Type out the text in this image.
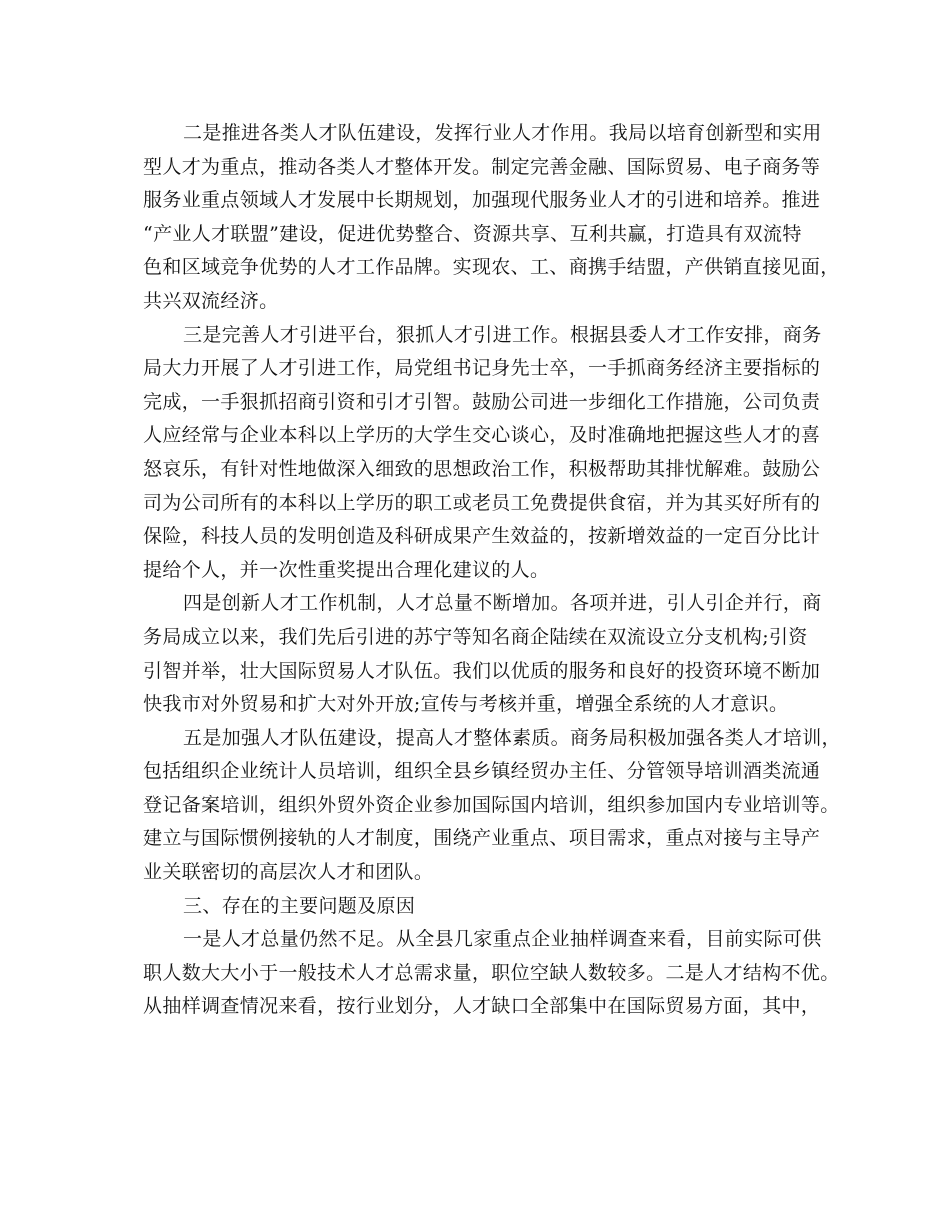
二是推进各类人才队伍建设，发挥行业人才作用。我局以培育创新型和实用
型人才为重点，推动各类人才整体开发。制定完善金融、国际贸易、电子商务等
服务业重点领域人才发展中长期规划，加强现代服务业人才的引进和培养。推进
“产业人才联盟”建设，促进优势整合、资源共享、互利共赢，打造具有双流特
色和区域竞争优势的人才工作品牌。实现农、工、商携手结盟，产供销直接见面，
共兴双流经济。

三是完善人才引进平台，狠抓人才引进工作。根据县委人才工作安排，商务
局大力开展了人才引进工作，局党组书记身先士卒，一手抓商务经济主要指标的
完成，一手狠抓招商引资和引才引智。鼓励公司进一步细化工作措施，公司负责
人应经常与企业本科以上学历的大学生交心谈心，及时准确地把握这些人才的喜
怒哀乐，有针对性地做深入细致的思想政治工作，积极帮助其排忧解难。鼓励公
司为公司所有的本科以上学历的职工或老员工免费提供食宿，并为其买好所有的
保险，科技人员的发明创造及科研成果产生效益的，按新增效益的一定百分比计
提给个人，并一次性重奖提出合理化建议的人。

四是创新人才工作机制，人才总量不断增加。各项并进，引人引企并行，商
务局成立以来，我们先后引进的苏宁等知名商企陆续在双流设立分支机构;引资
引智并举，壮大国际贸易人才队伍。我们以优质的服务和良好的投资环境不断加
快我市对外贸易和扩大对外开放;宣传与考核并重，增强全系统的人才意识。

五是加强人才队伍建设，提高人才整体素质。商务局积极加强各类人才培训，
包括组织企业统计人员培训，组织全县乡镇经贸办主任、分管领导培训酒类流通
登记备案培训，组织外贸外资企业参加国际国内培训，组织参加国内专业培训等。
建立与国际惯例接轨的人才制度，围绕产业重点、项目需求，重点对接与主导产
业关联密切的高层次人才和团队。

三、存在的主要问题及原因

一是人才总量仍然不足。从全县几家重点企业抽样调查来看，目前实际可供
职人数大大小于一般技术人才总需求量，职位空缺人数较多。二是人才结构不优。
从抽样调查情况来看，按行业划分，人才缺口全部集中在国际贸易方面，其中，
